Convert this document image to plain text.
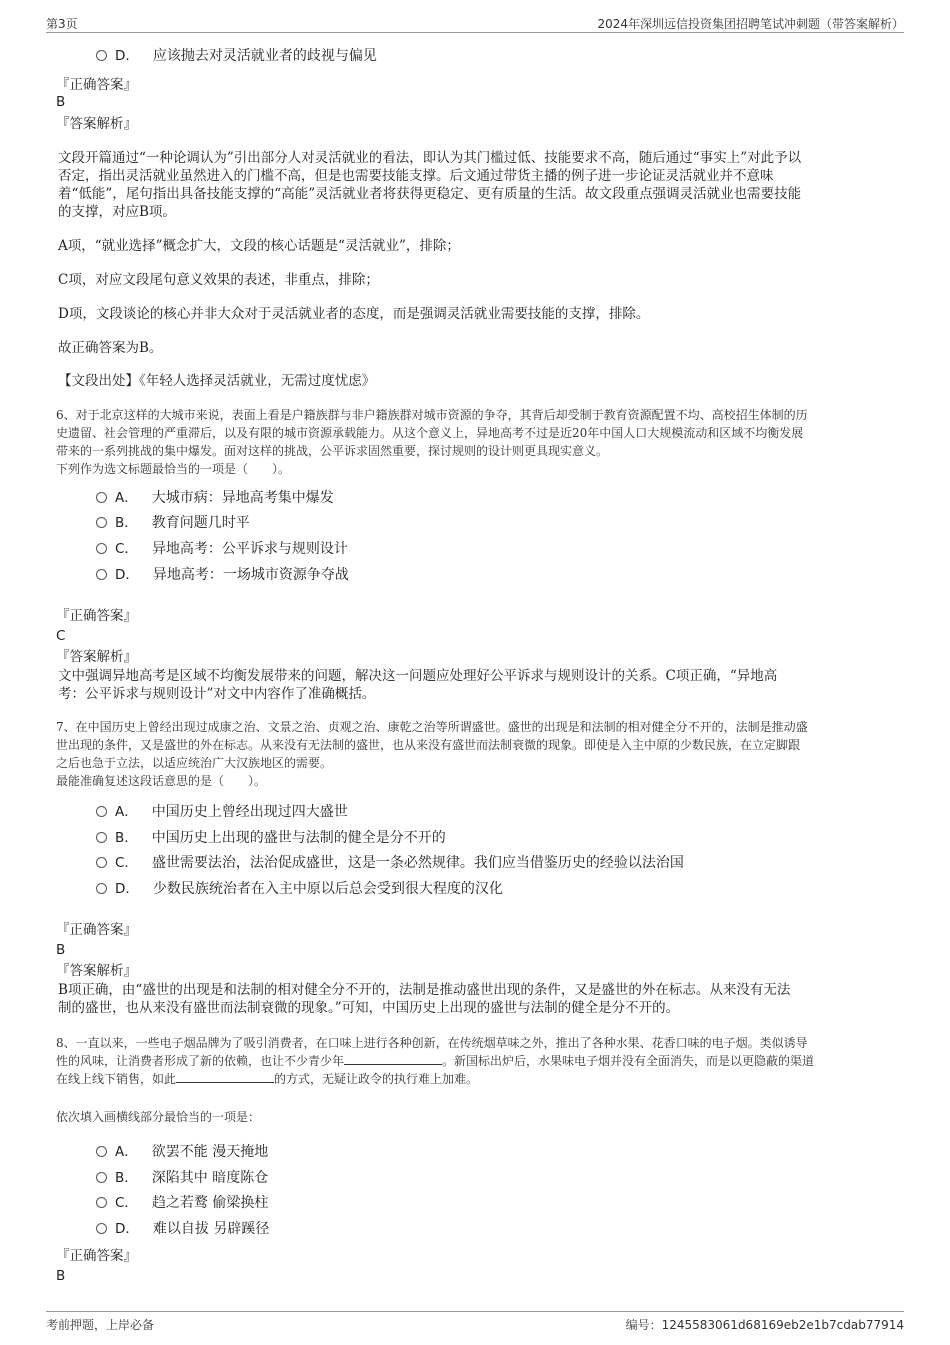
第3页	2024年深圳远信投资集团招聘笔试冲刺题（带答案解析）
D． 应该抛去对灵活就业者的歧视与偏见
『正确答案』
B
『答案解析』
文段开篇通过“一种论调认为”引出部分人对灵活就业的看法，即认为其门槛过低、技能要求不高，随后通过“事实上”对此予以
否定，指出灵活就业虽然进入的门槛不高，但是也需要技能支撑。后文通过带货主播的例子进一步论证灵活就业并不意味
着“低能”，尾句指出具备技能支撑的“高能”灵活就业者将获得更稳定、更有质量的生活。故文段重点强调灵活就业也需要技能
的支撑，对应B项。
A项，“就业选择”概念扩大，文段的核心话题是“灵活就业”，排除；
C项，对应文段尾句意义效果的表述，非重点，排除；
D项，文段谈论的核心并非大众对于灵活就业者的态度，而是强调灵活就业需要技能的支撑，排除。
故正确答案为B。
【文段出处】《年轻人选择灵活就业，无需过度忧虑》
6、对于北京这样的大城市来说，表面上看是户籍族群与非户籍族群对城市资源的争夺，其背后却受制于教育资源配置不均、高校招生体制的历
史遗留、社会管理的严重滞后，以及有限的城市资源承载能力。从这个意义上，异地高考不过是近20年中国人口大规模流动和区域不均衡发展
带来的一系列挑战的集中爆发。面对这样的挑战，公平诉求固然重要，探讨规则的设计则更具现实意义。
下列作为选文标题最恰当的一项是（　　）。
A． 大城市病：异地高考集中爆发
B． 教育问题几时平
C． 异地高考：公平诉求与规则设计
D． 异地高考：一场城市资源争夺战
『正确答案』
C
『答案解析』
文中强调异地高考是区域不均衡发展带来的问题，解决这一问题应处理好公平诉求与规则设计的关系。C项正确，“异地高
考：公平诉求与规则设计”对文中内容作了准确概括。
7、在中国历史上曾经出现过成康之治、文景之治、贞观之治、康乾之治等所谓盛世。盛世的出现是和法制的相对健全分不开的，法制是推动盛
世出现的条件，又是盛世的外在标志。从来没有无法制的盛世，也从来没有盛世而法制衰微的现象。即使是入主中原的少数民族，在立定脚跟
之后也急于立法，以适应统治广大汉族地区的需要。
最能准确复述这段话意思的是（　　）。
A． 中国历史上曾经出现过四大盛世
B． 中国历史上出现的盛世与法制的健全是分不开的
C． 盛世需要法治，法治促成盛世，这是一条必然规律。我们应当借鉴历史的经验以法治国
D． 少数民族统治者在入主中原以后总会受到很大程度的汉化
『正确答案』
B
『答案解析』
B项正确，由“盛世的出现是和法制的相对健全分不开的，法制是推动盛世出现的条件，又是盛世的外在标志。从来没有无法
制的盛世，也从来没有盛世而法制衰微的现象。”可知，中国历史上出现的盛世与法制的健全是分不开的。
8、一直以来，一些电子烟品牌为了吸引消费者，在口味上进行各种创新，在传统烟草味之外，推出了各种水果、花香口味的电子烟。类似诱导
性的风味，让消费者形成了新的依赖，也让不少青少年	。新国标出炉后，水果味电子烟并没有全面消失，而是以更隐蔽的渠道
在线上线下销售，如此	的方式，无疑让政令的执行难上加难。
依次填入画横线部分最恰当的一项是：
A． 欲罢不能 漫天掩地
B． 深陷其中 暗度陈仓
C． 趋之若鹜 偷梁换柱
D． 难以自拔 另辟蹊径
『正确答案』
B
考前押题，上岸必备	编号：1245583061d68169eb2e1b7cdab77914
